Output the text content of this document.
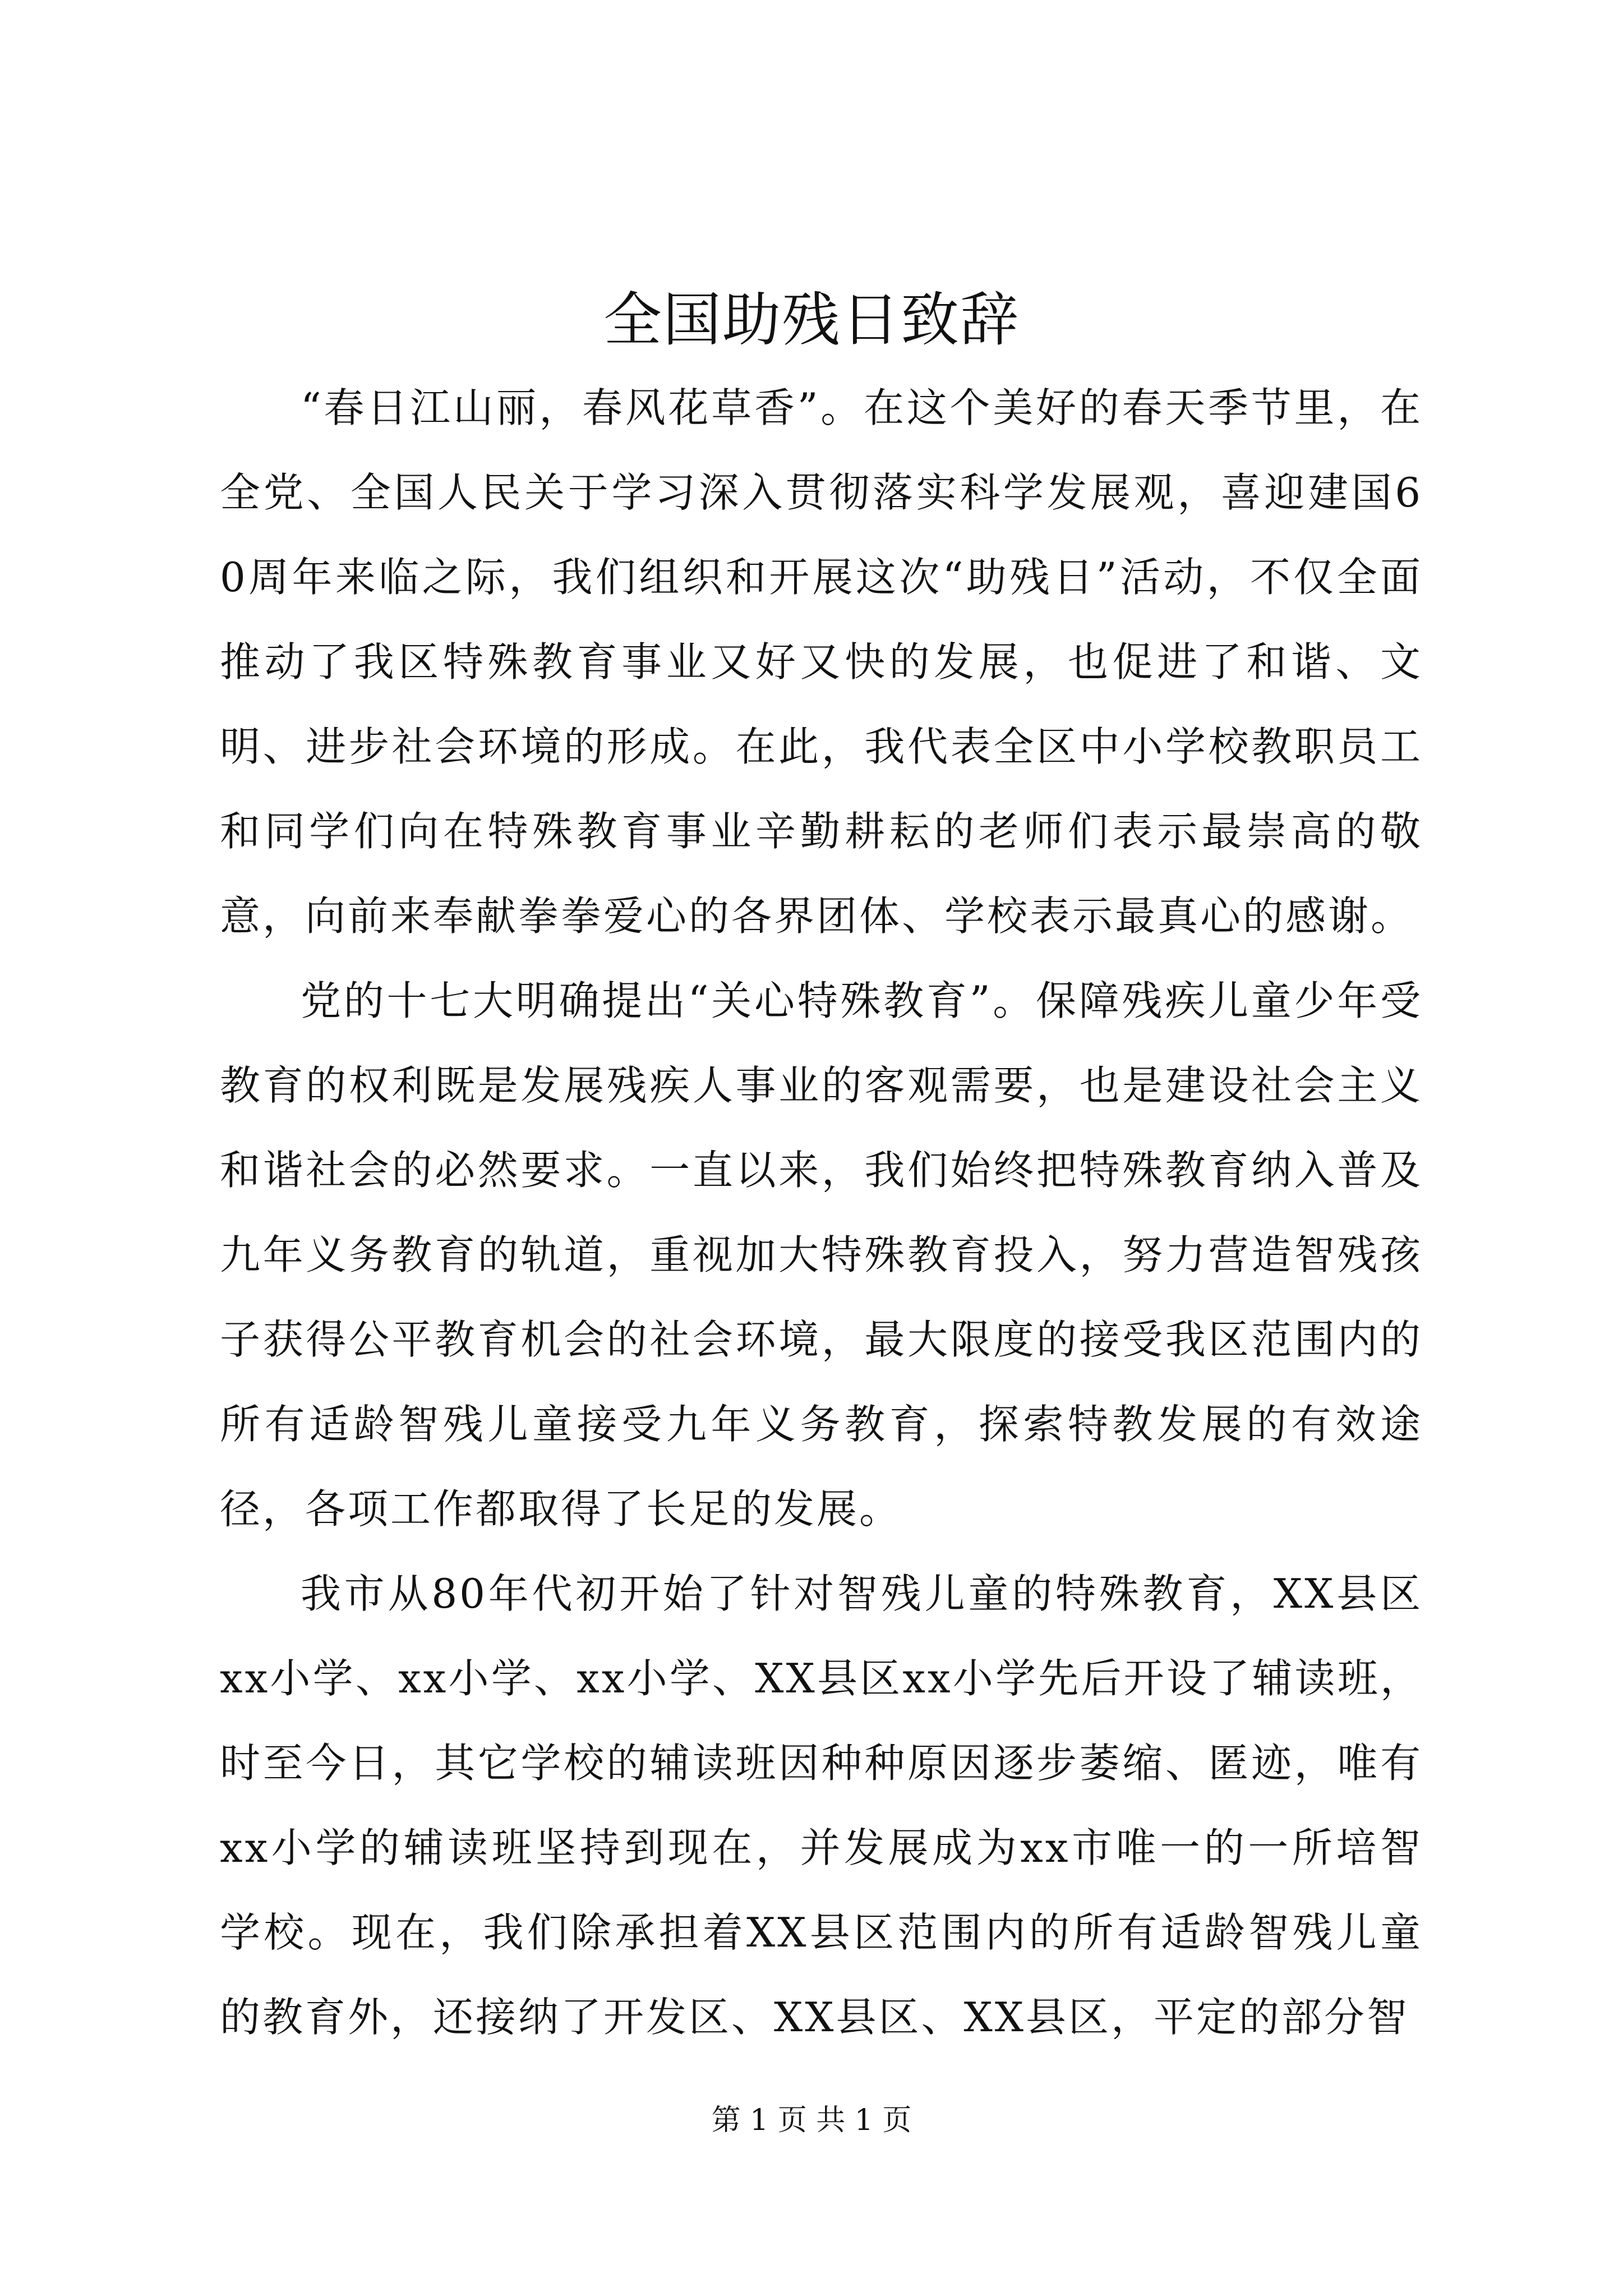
全国助残日致辞

“春日江山丽，春风花草香”。在这个美好的春天季节里，在全党、全国人民关于学习深入贯彻落实科学发展观，喜迎建国60周年来临之际，我们组织和开展这次“助残日”活动，不仅全面推动了我区特殊教育事业又好又快的发展，也促进了和谐、文明、进步社会环境的形成。在此，我代表全区中小学校教职员工和同学们向在特殊教育事业辛勤耕耘的老师们表示最崇高的敬意，向前来奉献拳拳爱心的各界团体、学校表示最真心的感谢。

党的十七大明确提出“关心特殊教育”。保障残疾儿童少年受教育的权利既是发展残疾人事业的客观需要，也是建设社会主义和谐社会的必然要求。一直以来，我们始终把特殊教育纳入普及九年义务教育的轨道，重视加大特殊教育投入，努力营造智残孩子获得公平教育机会的社会环境，最大限度的接受我区范围内的所有适龄智残儿童接受九年义务教育，探索特教发展的有效途径，各项工作都取得了长足的发展。

我市从80年代初开始了针对智残儿童的特殊教育，XX县区xx小学、xx小学、xx小学、XX县区xx小学先后开设了辅读班，时至今日，其它学校的辅读班因种种原因逐步萎缩、匿迹，唯有xx小学的辅读班坚持到现在，并发展成为xx市唯一的一所培智学校。现在，我们除承担着XX县区范围内的所有适龄智残儿童的教育外，还接纳了开发区、XX县区、XX县区，平定的部分智

第 1 页 共 1 页
